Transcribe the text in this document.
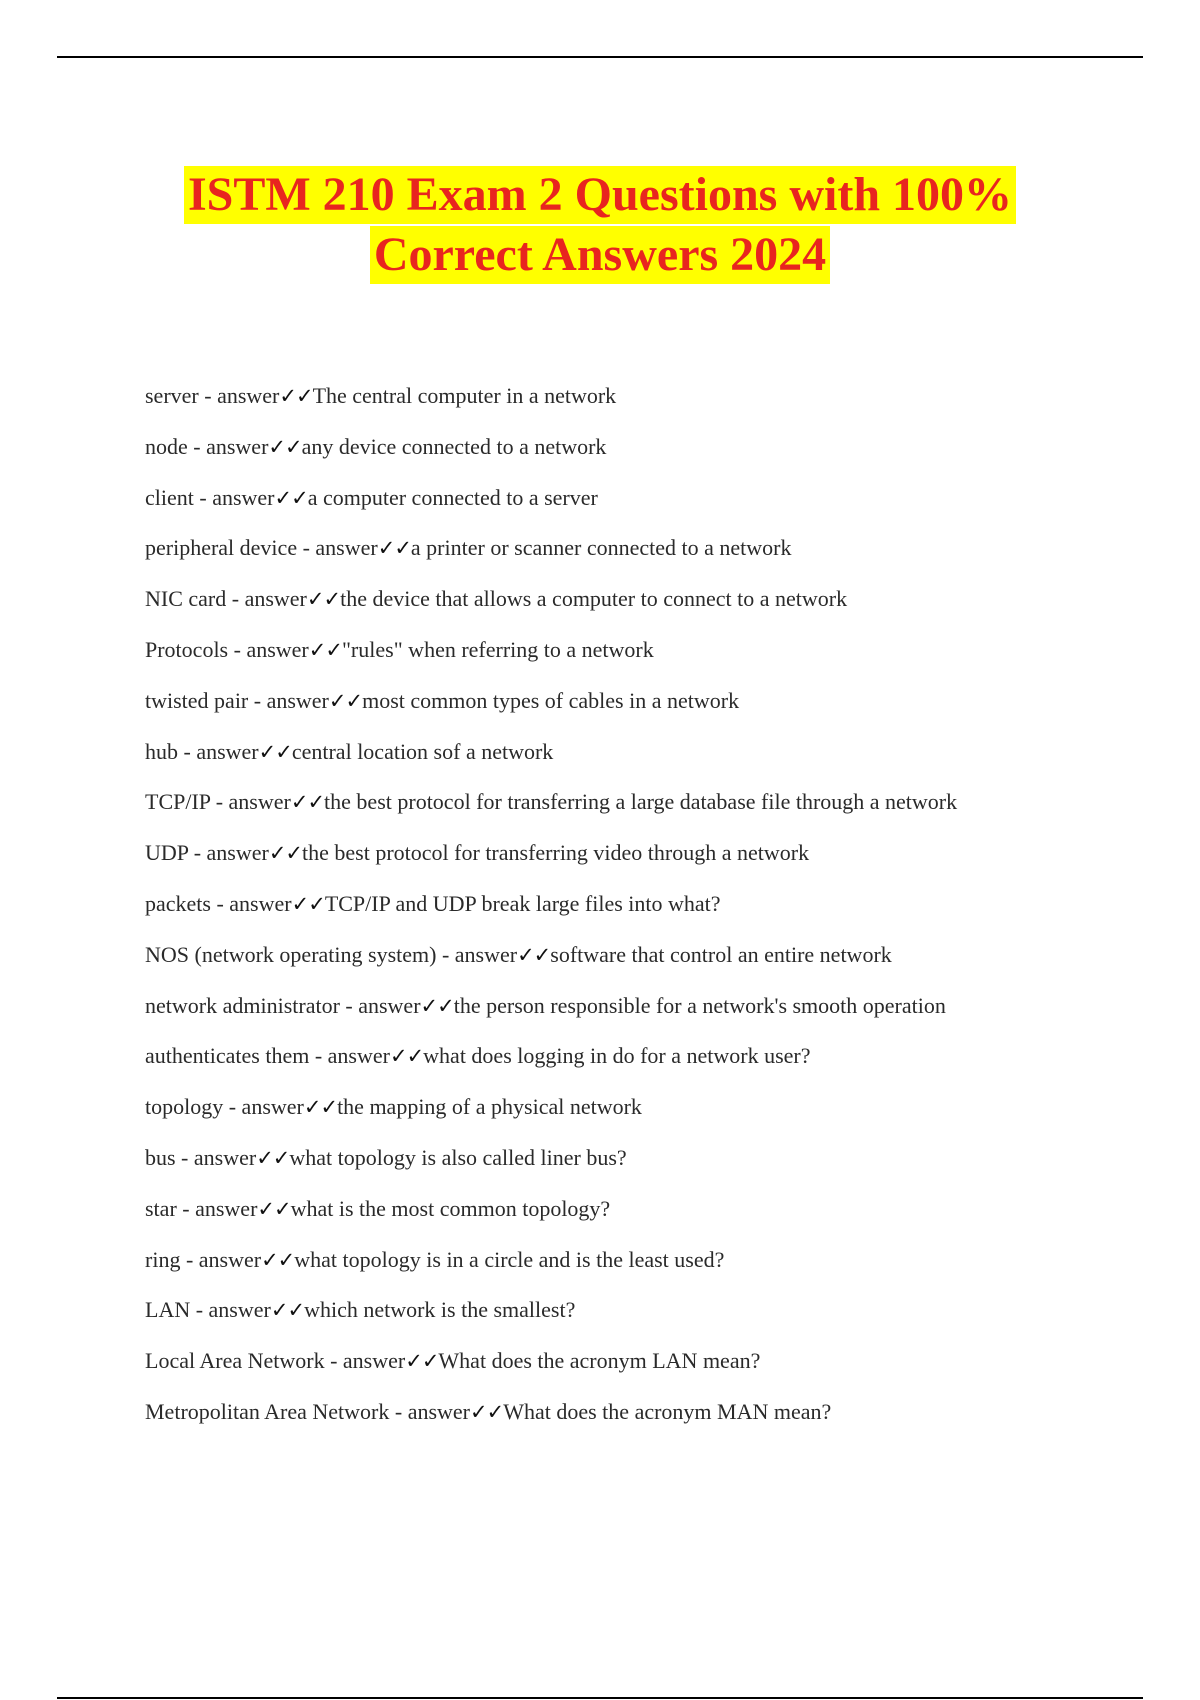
ISTM 210 Exam 2 Questions with 100%
Correct Answers 2024
server - answer✓✓The central computer in a network
node - answer✓✓any device connected to a network
client - answer✓✓a computer connected to a server
peripheral device - answer✓✓a printer or scanner connected to a network
NIC card - answer✓✓the device that allows a computer to connect to a network
Protocols - answer✓✓"rules" when referring to a network
twisted pair - answer✓✓most common types of cables in a network
hub - answer✓✓central location sof a network
TCP/IP - answer✓✓the best protocol for transferring a large database file through a network
UDP - answer✓✓the best protocol for transferring video through a network
packets - answer✓✓TCP/IP and UDP break large files into what?
NOS (network operating system) - answer✓✓software that control an entire network
network administrator - answer✓✓the person responsible for a network's smooth operation
authenticates them - answer✓✓what does logging in do for a network user?
topology - answer✓✓the mapping of a physical network
bus - answer✓✓what topology is also called liner bus?
star - answer✓✓what is the most common topology?
ring - answer✓✓what topology is in a circle and is the least used?
LAN - answer✓✓which network is the smallest?
Local Area Network - answer✓✓What does the acronym LAN mean?
Metropolitan Area Network - answer✓✓What does the acronym MAN mean?
